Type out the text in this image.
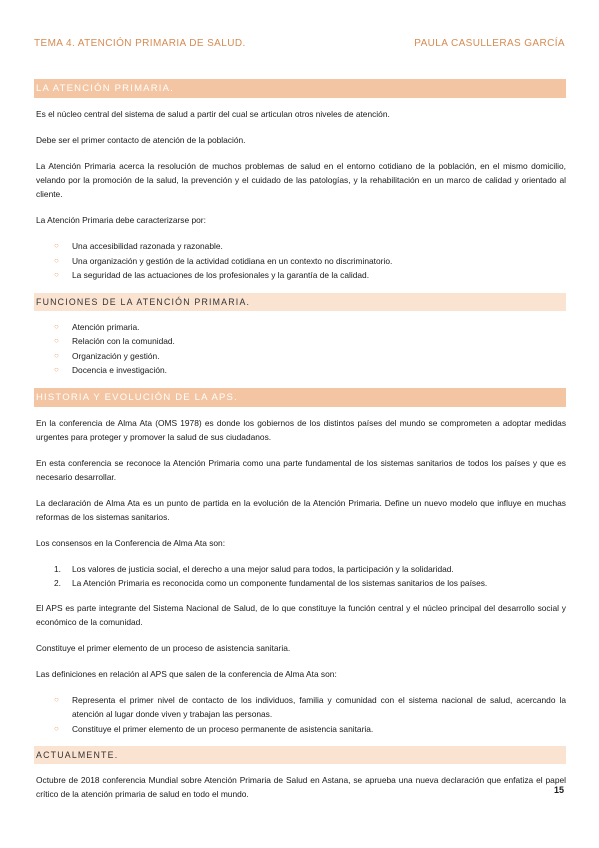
TEMA 4. ATENCIÓN PRIMARIA DE SALUD.	PAULA CASULLERAS GARCÍA
LA ATENCIÓN PRIMARIA.

Es el núcleo central del sistema de salud a partir del cual se articulan otros niveles de atención.

Debe ser el primer contacto de atención de la población.

La Atención Primaria acerca la resolución de muchos problemas de salud en el entorno cotidiano de la población, en el mismo domicilio, velando por la promoción de la salud, la prevención y el cuidado de las patologías, y la rehabilitación en un marco de calidad y orientado al cliente.

La Atención Primaria debe caracterizarse por:

○ Una accesibilidad razonada y razonable.
○ Una organización y gestión de la actividad cotidiana en un contexto no discriminatorio.
○ La seguridad de las actuaciones de los profesionales y la garantía de la calidad.
FUNCIONES DE LA ATENCIÓN PRIMARIA.
○ Atención primaria.
○ Relación con la comunidad.
○ Organización y gestión.
○ Docencia e investigación.
HISTORIA Y EVOLUCIÓN DE LA APS.

En la conferencia de Alma Ata (OMS 1978) es donde los gobiernos de los distintos países del mundo se comprometen a adoptar medidas urgentes para proteger y promover la salud de sus ciudadanos.

En esta conferencia se reconoce la Atención Primaria como una parte fundamental de los sistemas sanitarios de todos los países y que es necesario desarrollar.

La declaración de Alma Ata es un punto de partida en la evolución de la Atención Primaria. Define un nuevo modelo que influye en muchas reformas de los sistemas sanitarios.

Los consensos en la Conferencia de Alma Ata son:

1. Los valores de justicia social, el derecho a una mejor salud para todos, la participación y la solidaridad.
2. La Atención Primaria es reconocida como un componente fundamental de los sistemas sanitarios de los países.

El APS es parte integrante del Sistema Nacional de Salud, de lo que constituye la función central y el núcleo principal del desarrollo social y económico de la comunidad.

Constituye el primer elemento de un proceso de asistencia sanitaria.

Las definiciones en relación al APS que salen de la conferencia de Alma Ata son:

○ Representa el primer nivel de contacto de los individuos, familia y comunidad con el sistema nacional de salud, acercando la atención al lugar donde viven y trabajan las personas.
○ Constituye el primer elemento de un proceso permanente de asistencia sanitaria.
ACTUALMENTE.

Octubre de 2018 conferencia Mundial sobre Atención Primaria de Salud en Astana, se aprueba una nueva declaración que enfatiza el papel crítico de la atención primaria de salud en todo el mundo.	15
